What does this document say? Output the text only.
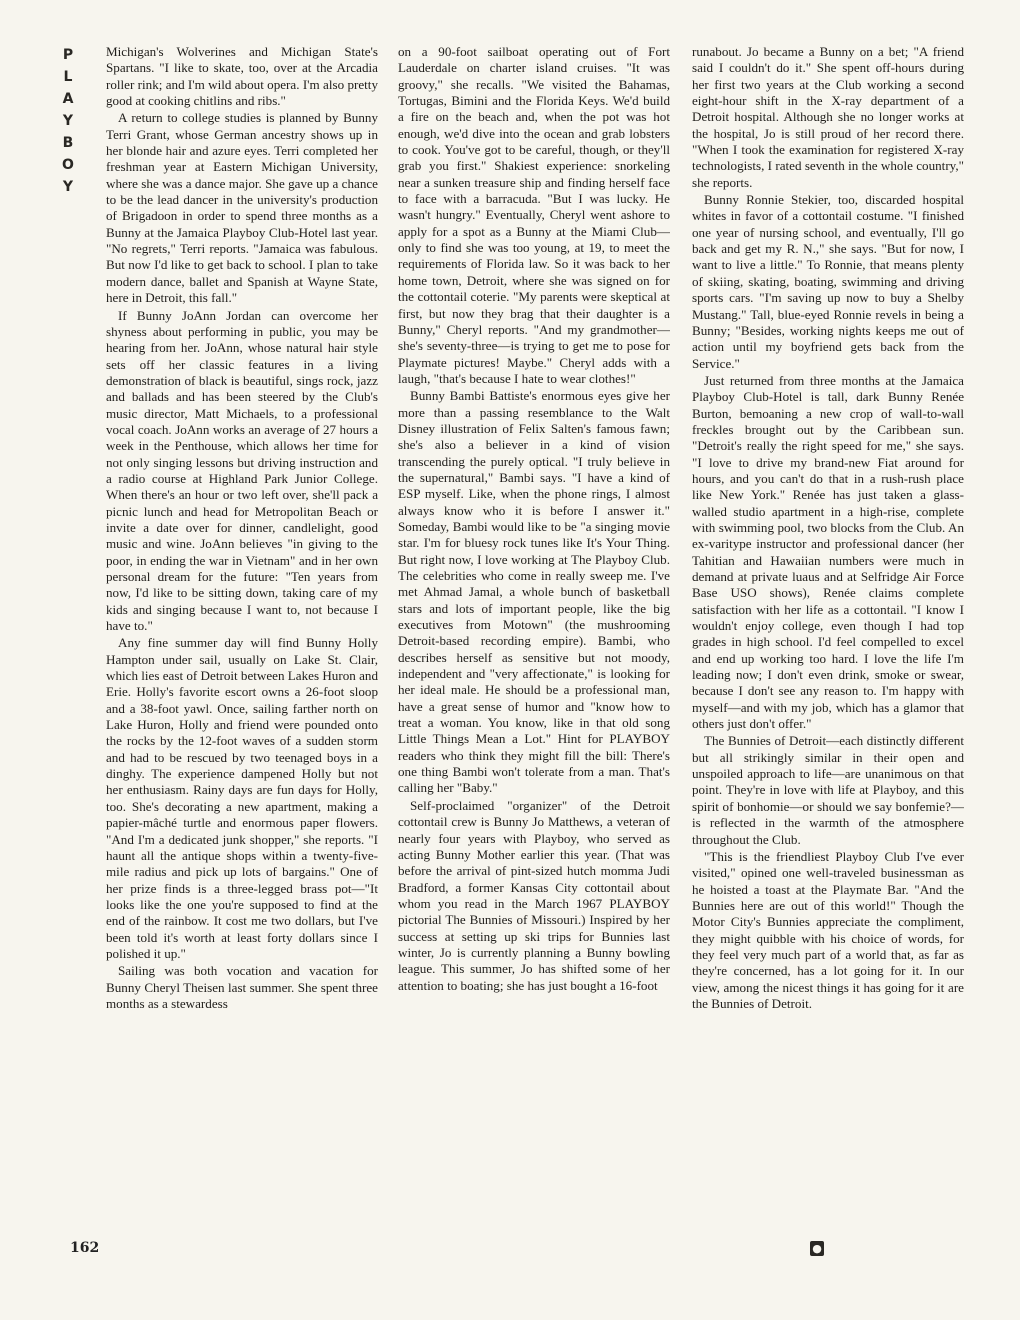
P
L
A
Y
B
O
Y

Michigan's Wolverines and Michigan State's Spartans. "I like to skate, too, over at the Arcadia roller rink; and I'm wild about opera. I'm also pretty good at cooking chitlins and ribs."

A return to college studies is planned by Bunny Terri Grant, whose German ancestry shows up in her blonde hair and azure eyes. Terri completed her freshman year at Eastern Michigan University, where she was a dance major. She gave up a chance to be the lead dancer in the university's production of Brigadoon in order to spend three months as a Bunny at the Jamaica Playboy Club-Hotel last year. "No regrets," Terri reports. "Jamaica was fabulous. But now I'd like to get back to school. I plan to take modern dance, ballet and Spanish at Wayne State, here in Detroit, this fall."

If Bunny JoAnn Jordan can overcome her shyness about performing in public, you may be hearing from her. JoAnn, whose natural hair style sets off her classic features in a living demonstration of black is beautiful, sings rock, jazz and ballads and has been steered by the Club's music director, Matt Michaels, to a professional vocal coach. JoAnn works an average of 27 hours a week in the Penthouse, which allows her time for not only singing lessons but driving instruction and a radio course at Highland Park Junior College. When there's an hour or two left over, she'll pack a picnic lunch and head for Metropolitan Beach or invite a date over for dinner, candlelight, good music and wine. JoAnn believes "in giving to the poor, in ending the war in Vietnam" and in her own personal dream for the future: "Ten years from now, I'd like to be sitting down, taking care of my kids and singing because I want to, not because I have to."

Any fine summer day will find Bunny Holly Hampton under sail, usually on Lake St. Clair, which lies east of Detroit between Lakes Huron and Erie. Holly's favorite escort owns a 26-foot sloop and a 38-foot yawl. Once, sailing farther north on Lake Huron, Holly and friend were pounded onto the rocks by the 12-foot waves of a sudden storm and had to be rescued by two teenaged boys in a dinghy. The experience dampened Holly but not her enthusiasm. Rainy days are fun days for Holly, too. She's decorating a new apartment, making a papier-mâché turtle and enormous paper flowers. "And I'm a dedicated junk shopper," she reports. "I haunt all the antique shops within a twenty-five-mile radius and pick up lots of bargains." One of her prize finds is a three-legged brass pot—"It looks like the one you're supposed to find at the end of the rainbow. It cost me two dollars, but I've been told it's worth at least forty dollars since I polished it up."

Sailing was both vocation and vacation for Bunny Cheryl Theisen last summer. She spent three months as a stewardess

on a 90-foot sailboat operating out of Fort Lauderdale on charter island cruises. "It was groovy," she recalls. "We visited the Bahamas, Tortugas, Bimini and the Florida Keys. We'd build a fire on the beach and, when the pot was hot enough, we'd dive into the ocean and grab lobsters to cook. You've got to be careful, though, or they'll grab you first." Shakiest experience: snorkeling near a sunken treasure ship and finding herself face to face with a barracuda. "But I was lucky. He wasn't hungry." Eventually, Cheryl went ashore to apply for a spot as a Bunny at the Miami Club—only to find she was too young, at 19, to meet the requirements of Florida law. So it was back to her home town, Detroit, where she was signed on for the cottontail coterie. "My parents were skeptical at first, but now they brag that their daughter is a Bunny," Cheryl reports. "And my grandmother—she's seventy-three—is trying to get me to pose for Playmate pictures! Maybe." Cheryl adds with a laugh, "that's because I hate to wear clothes!"

Bunny Bambi Battiste's enormous eyes give her more than a passing resemblance to the Walt Disney illustration of Felix Salten's famous fawn; she's also a believer in a kind of vision transcending the purely optical. "I truly believe in the supernatural," Bambi says. "I have a kind of ESP myself. Like, when the phone rings, I almost always know who it is before I answer it." Someday, Bambi would like to be "a singing movie star. I'm for bluesy rock tunes like It's Your Thing. But right now, I love working at The Playboy Club. The celebrities who come in really sweep me. I've met Ahmad Jamal, a whole bunch of basketball stars and lots of important people, like the big executives from Motown" (the mushrooming Detroit-based recording empire). Bambi, who describes herself as sensitive but not moody, independent and "very affectionate," is looking for her ideal male. He should be a professional man, have a great sense of humor and "know how to treat a woman. You know, like in that old song Little Things Mean a Lot." Hint for PLAYBOY readers who think they might fill the bill: There's one thing Bambi won't tolerate from a man. That's calling her "Baby."

Self-proclaimed "organizer" of the Detroit cottontail crew is Bunny Jo Matthews, a veteran of nearly four years with Playboy, who served as acting Bunny Mother earlier this year. (That was before the arrival of pint-sized hutch momma Judi Bradford, a former Kansas City cottontail about whom you read in the March 1967 PLAYBOY pictorial The Bunnies of Missouri.) Inspired by her success at setting up ski trips for Bunnies last winter, Jo is currently planning a Bunny bowling league. This summer, Jo has shifted some of her attention to boating; she has just bought a 16-foot

runabout. Jo became a Bunny on a bet; "A friend said I couldn't do it." She spent off-hours during her first two years at the Club working a second eight-hour shift in the X-ray department of a Detroit hospital. Although she no longer works at the hospital, Jo is still proud of her record there. "When I took the examination for registered X-ray technologists, I rated seventh in the whole country," she reports.

Bunny Ronnie Stekier, too, discarded hospital whites in favor of a cottontail costume. "I finished one year of nursing school, and eventually, I'll go back and get my R. N.," she says. "But for now, I want to live a little." To Ronnie, that means plenty of skiing, skating, boating, swimming and driving sports cars. "I'm saving up now to buy a Shelby Mustang." Tall, blue-eyed Ronnie revels in being a Bunny; "Besides, working nights keeps me out of action until my boyfriend gets back from the Service."

Just returned from three months at the Jamaica Playboy Club-Hotel is tall, dark Bunny Renée Burton, bemoaning a new crop of wall-to-wall freckles brought out by the Caribbean sun. "Detroit's really the right speed for me," she says. "I love to drive my brand-new Fiat around for hours, and you can't do that in a rush-rush place like New York." Renée has just taken a glass-walled studio apartment in a high-rise, complete with swimming pool, two blocks from the Club. An ex-varitype instructor and professional dancer (her Tahitian and Hawaiian numbers were much in demand at private luaus and at Selfridge Air Force Base USO shows), Renée claims complete satisfaction with her life as a cottontail. "I know I wouldn't enjoy college, even though I had top grades in high school. I'd feel compelled to excel and end up working too hard. I love the life I'm leading now; I don't even drink, smoke or swear, because I don't see any reason to. I'm happy with myself—and with my job, which has a glamor that others just don't offer."

The Bunnies of Detroit—each distinctly different but all strikingly similar in their open and unspoiled approach to life—are unanimous on that point. They're in love with life at Playboy, and this spirit of bonhomie—or should we say bonfemie?—is reflected in the warmth of the atmosphere throughout the Club.

"This is the friendliest Playboy Club I've ever visited," opined one well-traveled businessman as he hoisted a toast at the Playmate Bar. "And the Bunnies here are out of this world!" Though the Motor City's Bunnies appreciate the compliment, they might quibble with his choice of words, for they feel very much part of a world that, as far as they're concerned, has a lot going for it. In our view, among the nicest things it has going for it are the Bunnies of Detroit.

162	●
